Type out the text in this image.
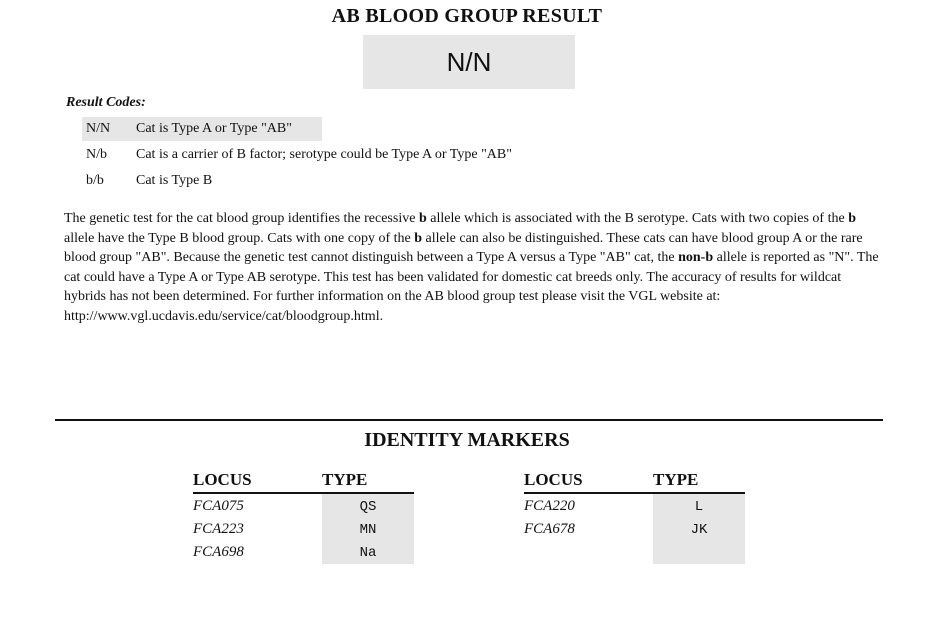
AB BLOOD GROUP RESULT
N/N
Result Codes:
N/N Cat is Type A or Type "AB"
N/b Cat is a carrier of B factor; serotype could be Type A or Type "AB"
b/b Cat is Type B
The genetic test for the cat blood group identifies the recessive b allele which is associated with the B serotype. Cats with two copies of the b allele have the Type B blood group. Cats with one copy of the b allele can also be distinguished. These cats can have blood group A or the rare blood group "AB". Because the genetic test cannot distinguish between a Type A versus a Type "AB" cat, the non-b allele is reported as "N". The cat could have a Type A or Type AB serotype. This test has been validated for domestic cat breeds only. The accuracy of results for wildcat hybrids has not been determined. For further information on the AB blood group test please visit the VGL website at: http://www.vgl.ucdavis.edu/service/cat/bloodgroup.html.
IDENTITY MARKERS
LOCUS	TYPE
FCA075	QS
FCA223	MN
FCA698	Na
LOCUS	TYPE
FCA220	L
FCA678	JK
